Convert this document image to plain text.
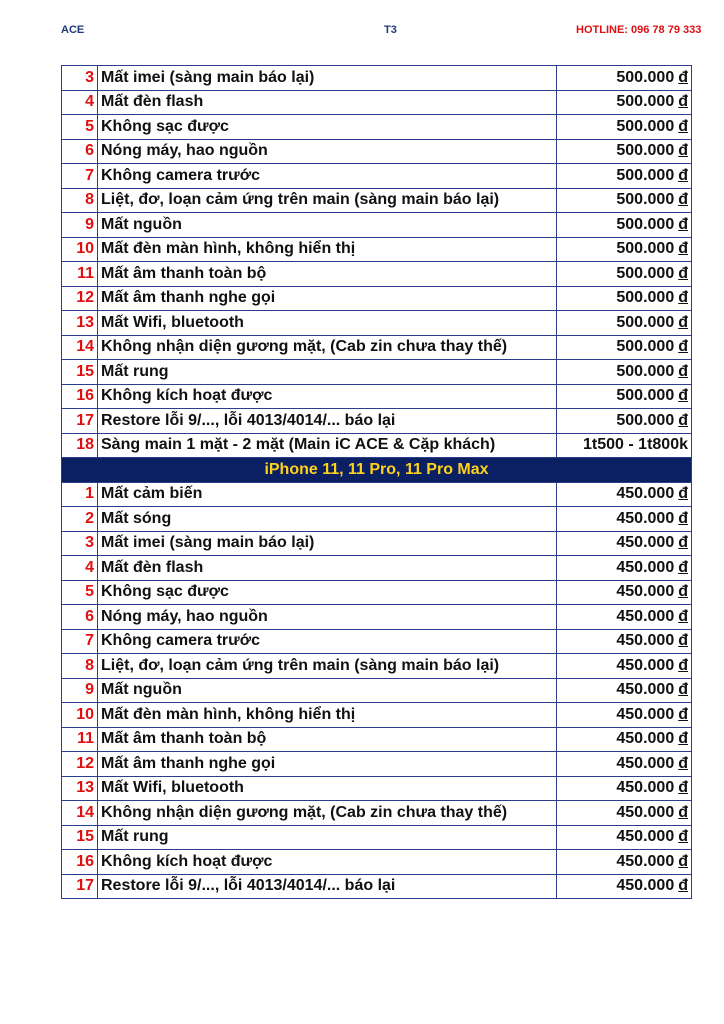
ACE	T3	HOTLINE: 096 78 79 333
3	Mất imei (sàng main báo lại)	500.000 đ
4	Mất đèn flash	500.000 đ
5	Không sạc được	500.000 đ
6	Nóng máy, hao nguồn	500.000 đ
7	Không camera trước	500.000 đ
8	Liệt, đơ, loạn cảm ứng trên main (sàng main báo lại)	500.000 đ
9	Mất nguồn	500.000 đ
10	Mất đèn màn hình, không hiển thị	500.000 đ
11	Mất âm thanh toàn bộ	500.000 đ
12	Mất âm thanh nghe gọi	500.000 đ
13	Mất Wifi, bluetooth	500.000 đ
14	Không nhận diện gương mặt, (Cab zin chưa thay thế)	500.000 đ
15	Mất rung	500.000 đ
16	Không kích hoạt được	500.000 đ
17	Restore lỗi 9/..., lỗi 4013/4014/... báo lại	500.000 đ
18	Sàng main 1 mặt - 2 mặt (Main iC ACE & Cặp khách)	1t500 - 1t800k
iPhone 11, 11 Pro, 11 Pro Max		
1	Mất cảm biến	450.000 đ
2	Mất sóng	450.000 đ
3	Mất imei (sàng main báo lại)	450.000 đ
4	Mất đèn flash	450.000 đ
5	Không sạc được	450.000 đ
6	Nóng máy, hao nguồn	450.000 đ
7	Không camera trước	450.000 đ
8	Liệt, đơ, loạn cảm ứng trên main (sàng main báo lại)	450.000 đ
9	Mất nguồn	450.000 đ
10	Mất đèn màn hình, không hiển thị	450.000 đ
11	Mất âm thanh toàn bộ	450.000 đ
12	Mất âm thanh nghe gọi	450.000 đ
13	Mất Wifi, bluetooth	450.000 đ
14	Không nhận diện gương mặt, (Cab zin chưa thay thế)	450.000 đ
15	Mất rung	450.000 đ
16	Không kích hoạt được	450.000 đ
17	Restore lỗi 9/..., lỗi 4013/4014/... báo lại	450.000 đ
